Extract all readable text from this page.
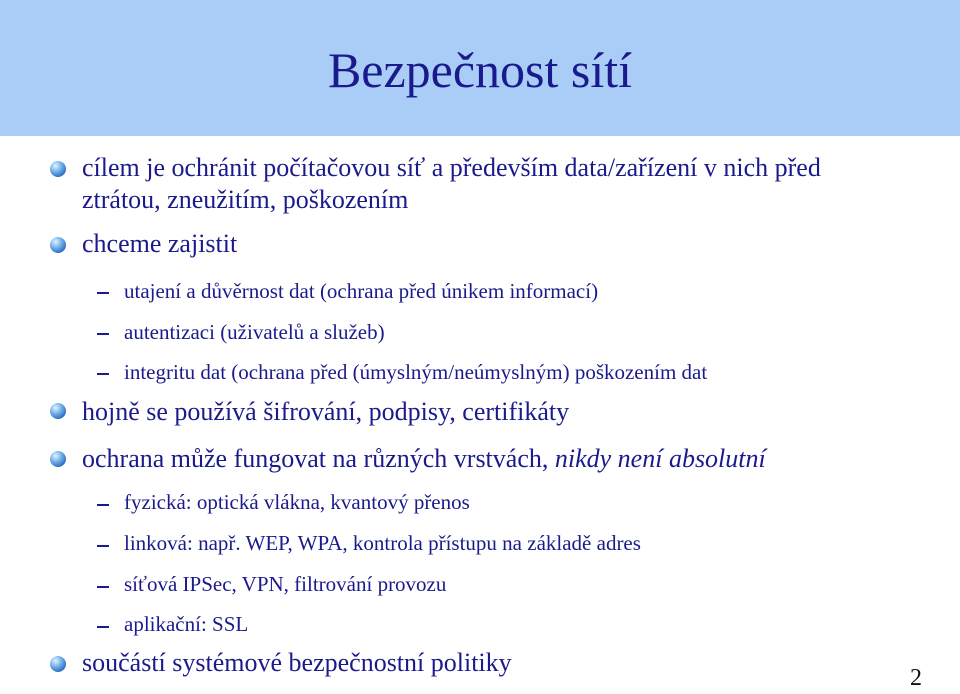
Bezpečnost sítí
cílem je ochránit počítačovou síť a především data/zařízení v nich před
ztrátou, zneužitím, poškozením
chceme zajistit
utajení a důvěrnost dat (ochrana před únikem informací)
autentizaci (uživatelů a služeb)
integritu dat (ochrana před (úmyslným/neúmyslným) poškozením dat
hojně se používá šifrování, podpisy, certifikáty
ochrana může fungovat na různých vrstvách, nikdy není absolutní
fyzická: optická vlákna, kvantový přenos
linková: např. WEP, WPA, kontrola přístupu na základě adres
síťová IPSec, VPN, filtrování provozu
aplikační: SSL
součástí systémové bezpečnostní politiky
2
